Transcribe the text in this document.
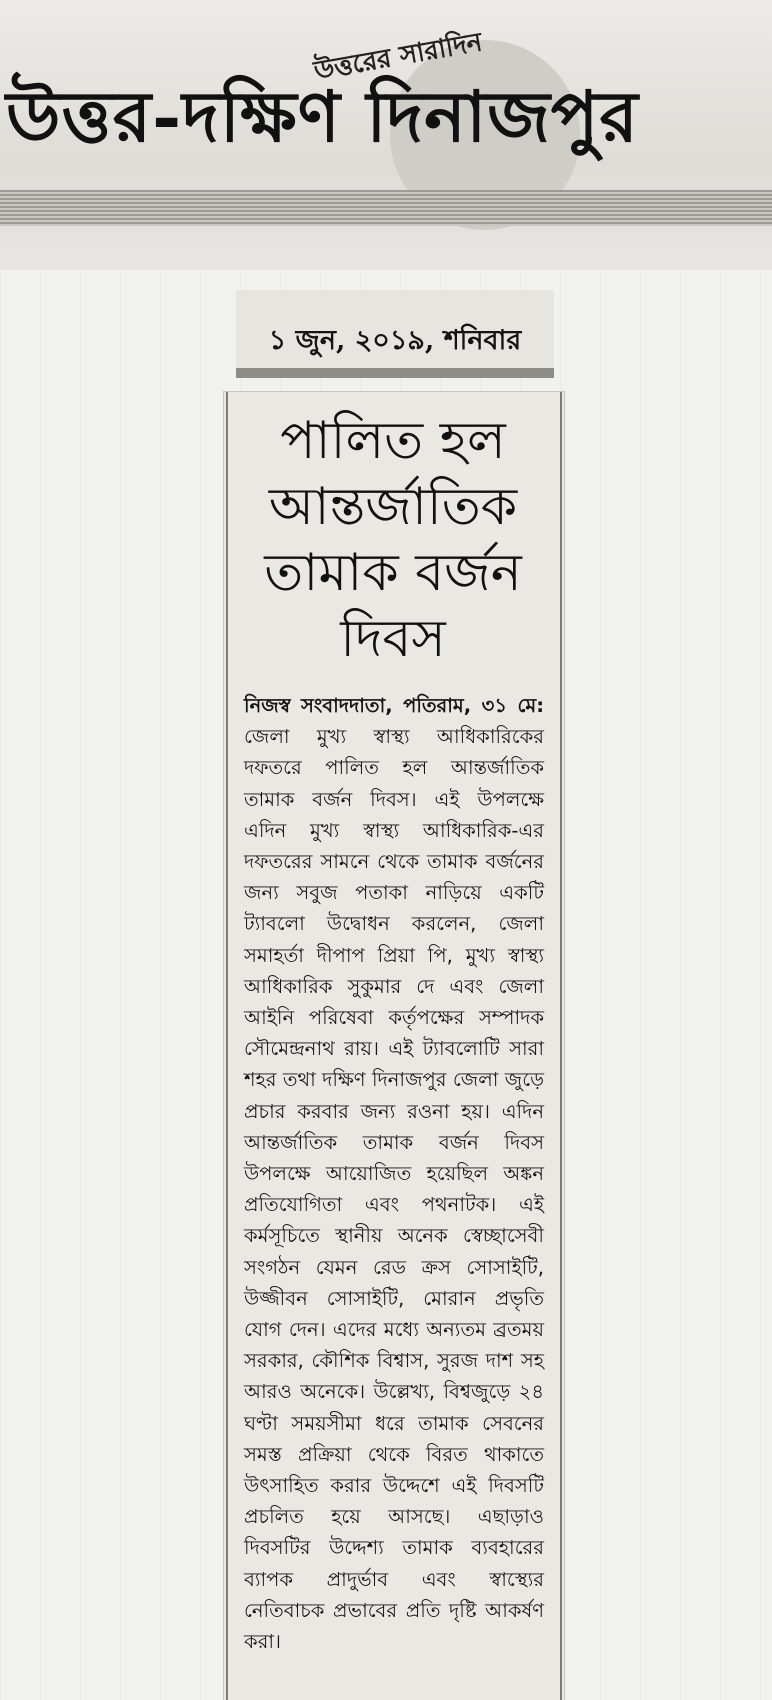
উত্তরের সারাদিন
উত্তর-দক্ষিণ দিনাজপুর
১ জুন, ২০১৯, শনিবার
পালিত হল আন্তর্জাতিক তামাক বর্জন দিবস
নিজস্ব সংবাদদাতা, পতিরাম, ৩১ মে: জেলা মুখ্য স্বাস্থ্য আধিকারিকের দফতরে পালিত হল আন্তর্জাতিক তামাক বর্জন দিবস। এই উপলক্ষে এদিন মুখ্য স্বাস্থ্য আধিকারিক-এর দফতরের সামনে থেকে তামাক বর্জনের জন্য সবুজ পতাকা নাড়িয়ে একটি ট্যাবলো উদ্বোধন করলেন, জেলা সমাহর্তা দীপাপ প্রিয়া পি, মুখ্য স্বাস্থ্য আধিকারিক সুকুমার দে এবং জেলা আইনি পরিষেবা কর্তৃপক্ষের সম্পাদক সৌমেন্দ্রনাথ রায়। এই ট্যাবলোটি সারা শহর তথা দক্ষিণ দিনাজপুর জেলা জুড়ে প্রচার করবার জন্য রওনা হয়। এদিন আন্তর্জাতিক তামাক বর্জন দিবস উপলক্ষে আয়োজিত হয়েছিল অঙ্কন প্রতিযোগিতা এবং পথনাটক। এই কর্মসূচিতে স্থানীয় অনেক স্বেচ্ছাসেবী সংগঠন যেমন রেড ক্রস সোসাইটি, উজ্জীবন সোসাইটি, মোরান প্রভৃতি যোগ দেন। এদের মধ্যে অন্যতম ব্রতময় সরকার, কৌশিক বিশ্বাস, সুরজ দাশ সহ আরও অনেকে। উল্লেখ্য, বিশ্বজুড়ে ২৪ ঘণ্টা সময়সীমা ধরে তামাক সেবনের সমস্ত প্রক্রিয়া থেকে বিরত থাকাতে উৎসাহিত করার উদ্দেশে এই দিবসটি প্রচলিত হয়ে আসছে। এছাড়াও দিবসটির উদ্দেশ্য তামাক ব্যবহারের ব্যাপক প্রাদুর্ভাব এবং স্বাস্থ্যের নেতিবাচক প্রভাবের প্রতি দৃষ্টি আকর্ষণ করা।
